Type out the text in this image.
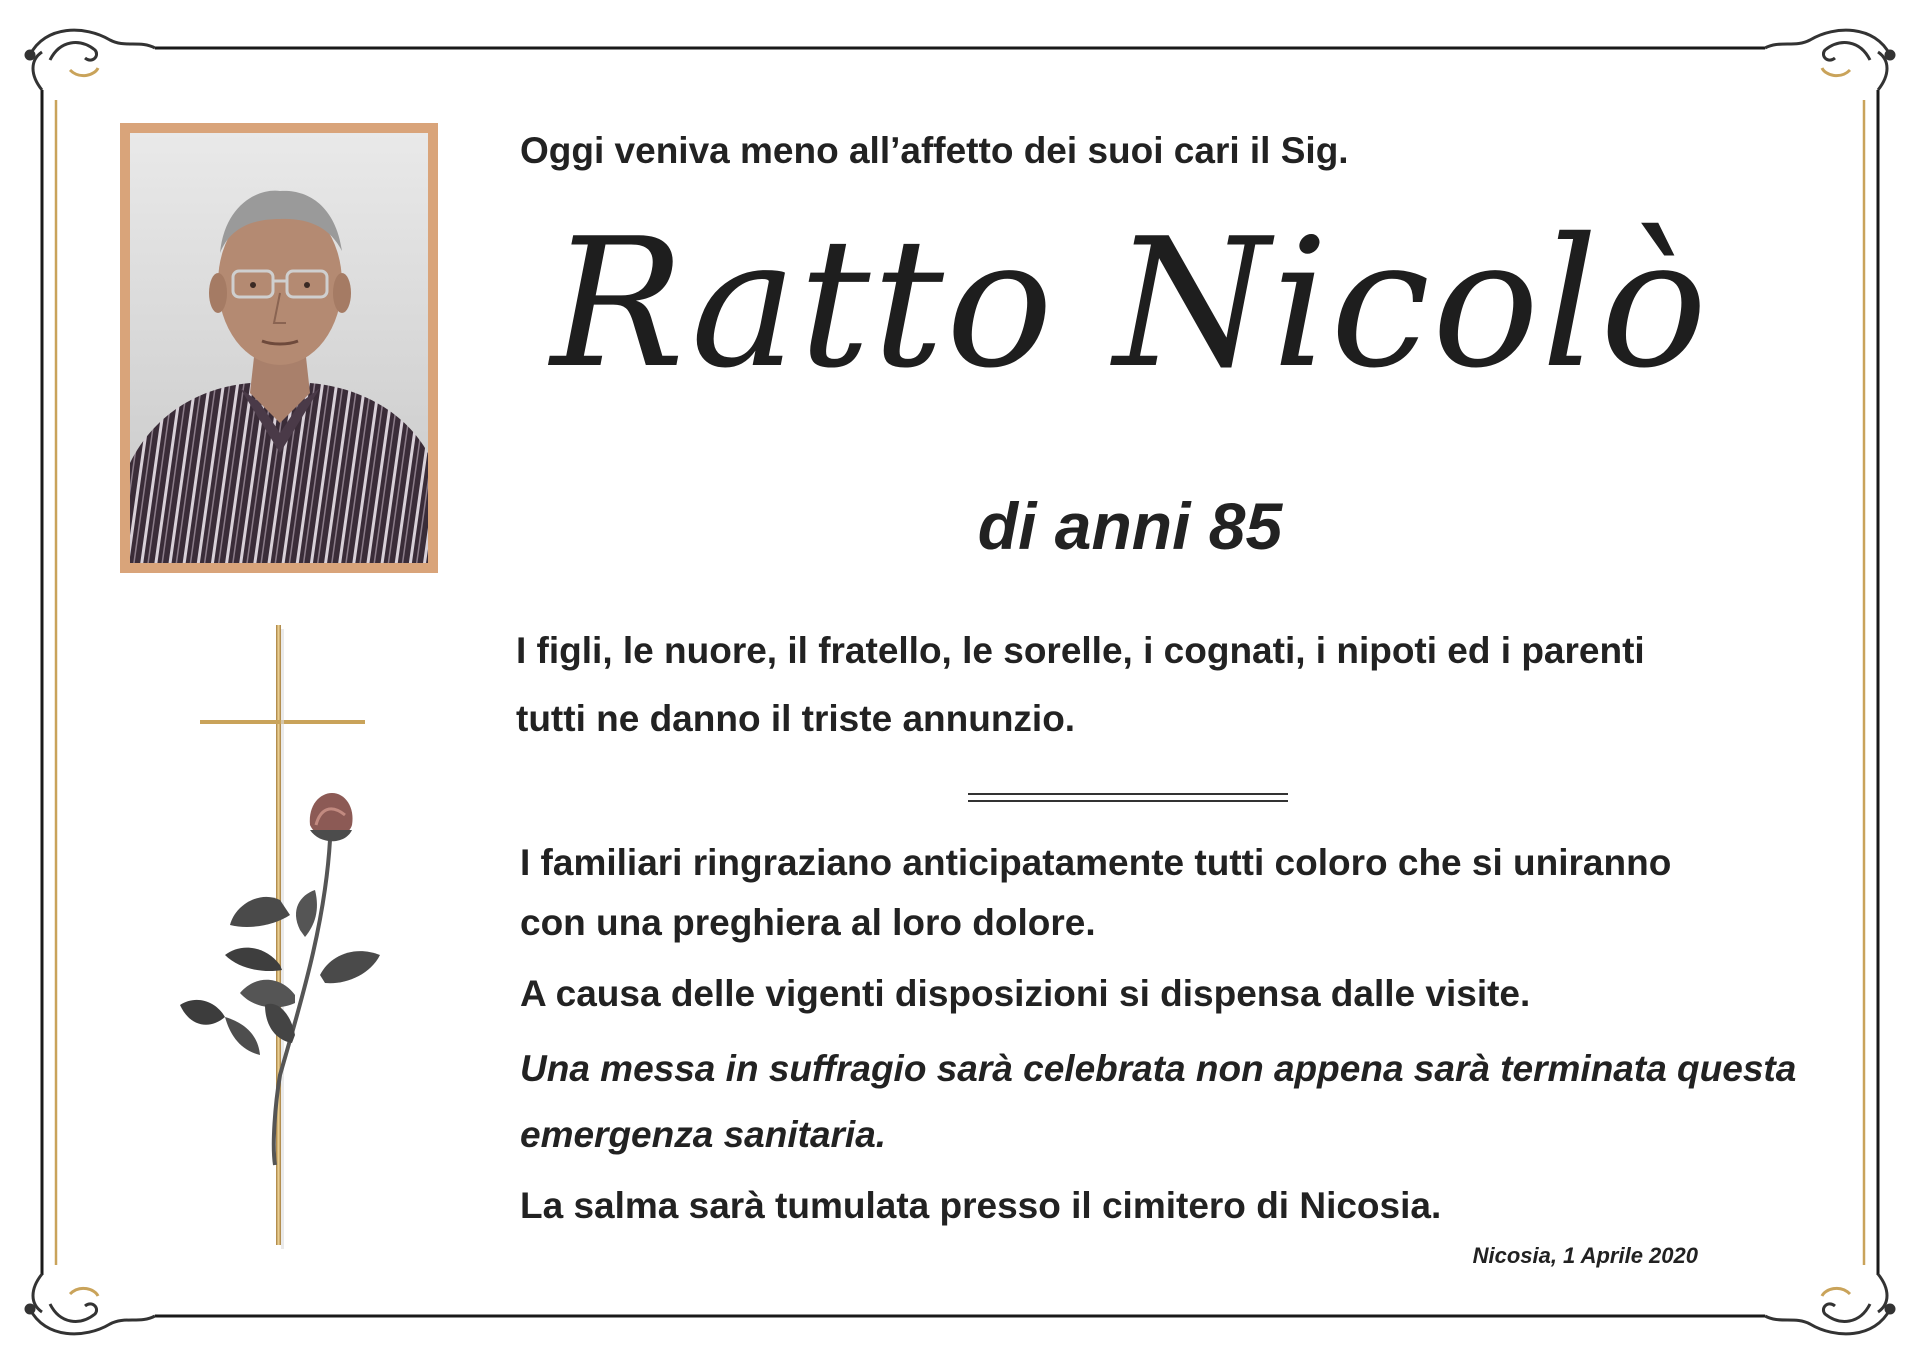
Oggi veniva meno all’affetto dei suoi cari il Sig.
Ratto Nicolò
di anni 85
I figli, le nuore, il fratello, le sorelle, i cognati, i nipoti ed i parenti
tutti ne danno il triste annunzio.
I familiari ringraziano anticipatamente tutti coloro che si uniranno
con una preghiera al loro dolore.
A causa delle vigenti disposizioni si dispensa dalle visite.
Una messa in suffragio sarà celebrata non appena sarà terminata questa
emergenza sanitaria.
La salma sarà tumulata presso il cimitero di Nicosia.
Nicosia, 1 Aprile 2020
